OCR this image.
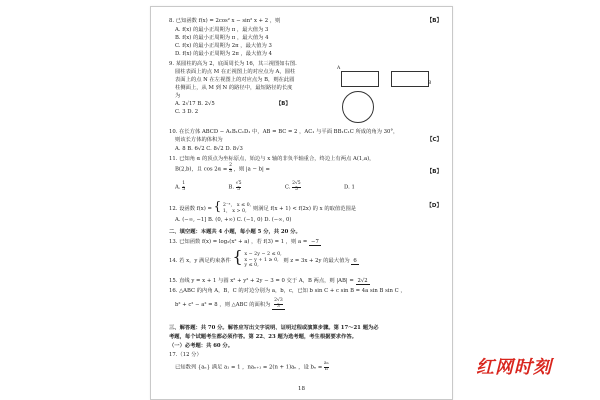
8. 已知函数 f(x) = 2cos² x − sin² x + 2 ，则	【B】
A. f(x) 的最小正周期为 π ，最大值为 3
B. f(x) 的最小正周期为 π ，最大值为 4
C. f(x) 的最小正周期为 2π ，最大值为 3
D. f(x) 的最小正周期为 2π ，最大值为 4
9. 某圆柱的高为 2，底面周长为 16，其三视图如右图.
圆柱表面上的点 M 在正视图上的对应点为 A，圆柱
表面上的点 N 在左视图上的对应点为 B，则在此圆
柱侧面上，从 M 到 N 的路径中，最短路径的长度
为
A. 2√17 B. 2√5
C. 3 D. 2
【B】
A
B
10. 在长方体 ABCD − A₁B₁C₁D₁ 中，AB = BC = 2 ，AC₁ 与平面 BB₁C₁C 所成的角为 30°，
则该长方体的体积为	【C】
A. 8 B. 6√2 C. 8√2 D. 8√3
11. 已知角 α 的顶点为坐标原点，始边与 x 轴的非负半轴重合，终边上有两点 A(1,a)，
B(2,b)，且 $\cos 2\alpha = \frac{2}{3}$ ，则 |a − b| =	【B】
A. $\frac{1}{5}$	B. $\frac{√5}{5}$	C. $\frac{2√5}{5}$	D. 1
12. 设函数 f(x) = { 2⁻ˣ， x ≤ 0,
1， x > 0,	则满足 f(x + 1) < f(2x) 的 x 的取值范围是	【D】
A. (−∞, −1] B. (0, +∞) C. (−1, 0) D. (−∞, 0)
二、填空题：本题共 4 小题，每小题 5 分，共 20 分。
13. 已知函数 f(x) = log₂(x² + a) ，若 f(3) = 1 ，则 a = −7
14. 若 x，y 满足约束条件 { x − 2y − 2 ≤ 0,
x − y + 1 ≥ 0,
y ≤ 0,
则 z = 3x + 2y 的最大值为 6
15. 直线 y = x + 1 与圆 x² + y² + 2y − 3 = 0 交于 A，B 两点，则 |AB| = 2√2
16. △ABC 的内角 A，B，C 的对边分别为 a，b，c，已知 b sin C + c sin B = 4a sin B sin C ，
b² + c² − a² = 8 ，则 △ABC 的面积为 $\frac{2√3}{3}$
三、解答题：共 70 分。解答应写出文字说明、证明过程或演算步骤。第 17～21 题为必
考题，每个试题考生都必须作答。第 22、23 题为选考题，考生根据要求作答。
（一）必考题：共 60 分。
17.（12 分）
已知数列 {aₙ} 满足 a₁ = 1 ，naₙ₊₁ = 2(n + 1)aₙ ，设 $b_n = \frac{\text{aₙ}}{n}$
18
红网时刻
